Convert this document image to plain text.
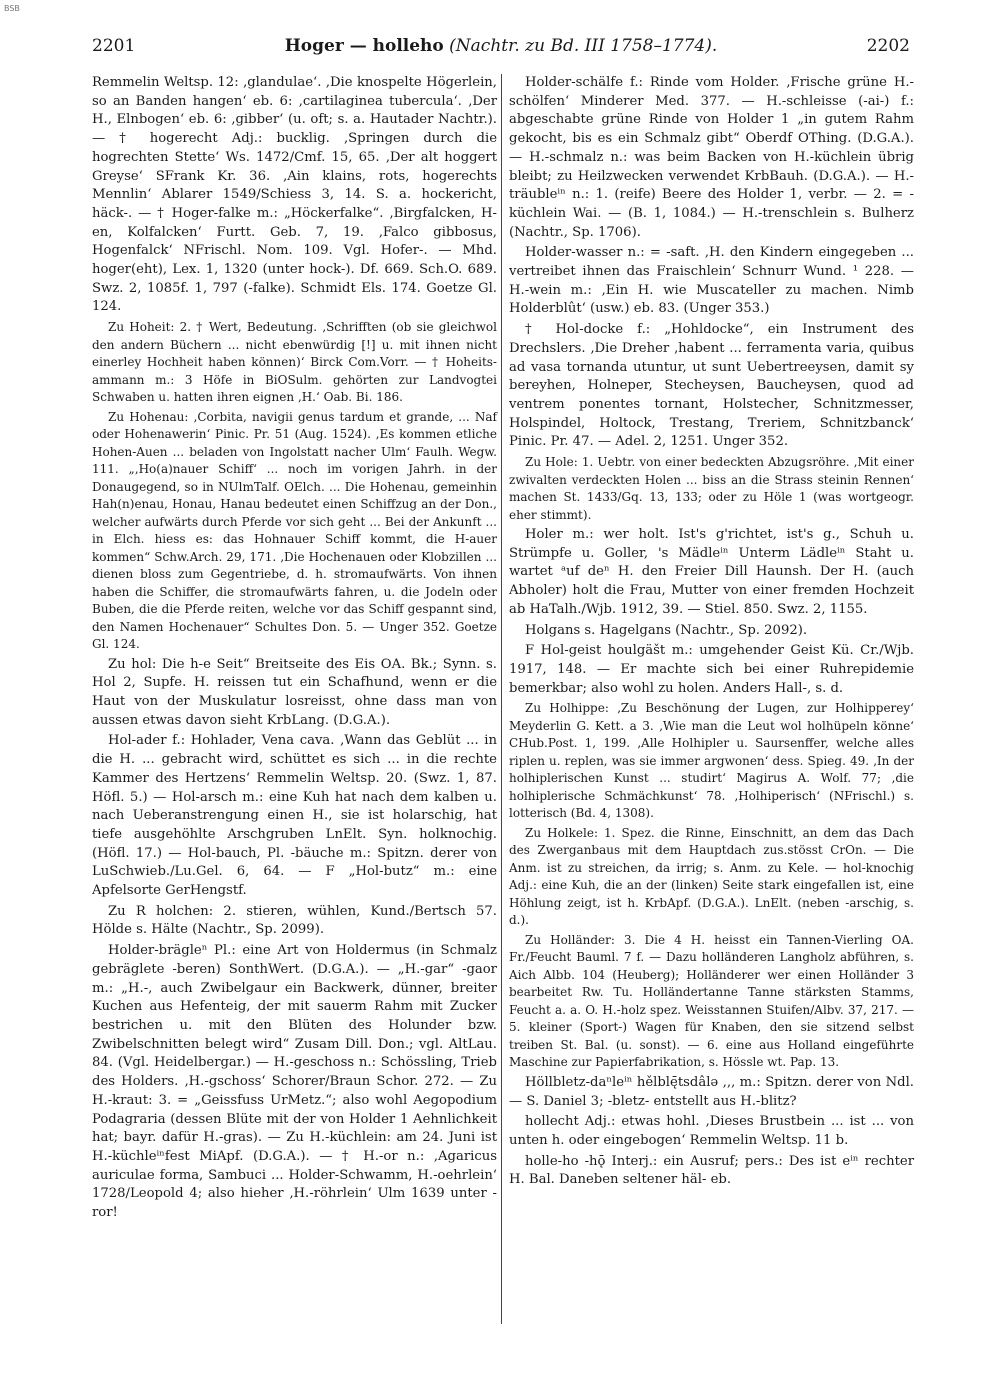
BSB
2201	Hoger — holleho (Nachtr. zu Bd. III 1758–1774).	2202

Remmelin Weltsp. 12: ‚glandulae‘. ‚Die knospelte Högerlein, so an Banden hangen‘ eb. 6: ‚cartilaginea tubercula‘. ‚Der H., Elnbogen‘ eb. 6: ‚gibber‘ (u. oft; s. a. Hautader Nachtr.). — † hogerecht Adj.: bucklig. ‚Springen durch die hogrechten Stette‘ Ws. 1472/Cmf. 15, 65. ‚Der alt hoggert Greyse‘ SFrank Kr. 36. ‚Ain klains, rots, hogerechts Mennlin‘ Ablarer 1549/Schiess 3, 14. S. a. hockericht, häck-. — † Hoger-falke m.: „Höckerfalke“. ‚Birgfalcken, H-en, Kolfalcken‘ Furtt. Geb. 7, 19. ‚Falco gibbosus, Hogenfalck‘ NFrischl. Nom. 109. Vgl. Hofer-. — Mhd. hoger(eht), Lex. 1, 1320 (unter hock-). Df. 669. Sch.O. 689. Swz. 2, 1085f. 1, 797 (-falke). Schmidt Els. 174. Goetze Gl. 124.

Zu Hoheit: 2. † Wert, Bedeutung. ‚Schrifften (ob sie gleichwol den andern Büchern ... nicht ebenwürdig [!] u. mit ihnen nicht einerley Hochheit haben können)‘ Birck Com.Vorr. — † Hoheits-ammann m.: 3 Höfe in BiOSulm. gehörten zur Landvogtei Schwaben u. hatten ihren eignen ‚H.‘ Oab. Bi. 186.

Zu Hohenau: ‚Corbita, navigii genus tardum et grande, ... Naf oder Hohenawerin‘ Pinic. Pr. 51 (Aug. 1524). ‚Es kommen etliche Hohen-Auen ... beladen von Ingolstatt nacher Ulm‘ Faulh. Wegw. 111. „‚Ho(a)nauer Schiff‘ ... noch im vorigen Jahrh. in der Donaugegend, so in NUlmTalf. OElch. ... Die Hohenau, gemeinhin Hah(n)enau, Honau, Hanau bedeutet einen Schiffzug an der Don., welcher aufwärts durch Pferde vor sich geht ... Bei der Ankunft ... in Elch. hiess es: das Hohnauer Schiff kommt, die H-auer kommen“ Schw.Arch. 29, 171. ‚Die Hochenauen oder Klobzillen ... dienen bloss zum Gegentriebe, d. h. stromaufwärts. Von ihnen haben die Schiffer, die stromaufwärts fahren, u. die Jodeln oder Buben, die die Pferde reiten, welche vor das Schiff gespannt sind, den Namen Hochenauer“ Schultes Don. 5. — Unger 352. Goetze Gl. 124.

Zu hol: Die h-e Seit“ Breitseite des Eis OA. Bk.; Synn. s. Hol 2, Supfe. H. reissen tut ein Schafhund, wenn er die Haut von der Muskulatur losreisst, ohne dass man von aussen etwas davon sieht KrbLang. (D.G.A.).

Hol-ader f.: Hohlader, Vena cava. ‚Wann das Geblüt ... in die H. ... gebracht wird, schüttet es sich ... in die rechte Kammer des Hertzens‘ Remmelin Weltsp. 20. (Swz. 1, 87. Höfl. 5.) — Hol-arsch m.: eine Kuh hat nach dem kalben u. nach Ueberanstrengung einen H., sie ist holarschig, hat tiefe ausgehöhlte Arschgruben LnElt. Syn. holknochig. (Höfl. 17.) — Hol-bauch, Pl. -bäuche m.: Spitzn. derer von LuSchwieb./Lu.Gel. 6, 64. — F „Hol-butz“ m.: eine Apfelsorte GerHengstf.

Zu R holchen: 2. stieren, wühlen, Kund./Bertsch 57. Hölde s. Hälte (Nachtr., Sp. 2099).

Holder-brägleⁿ Pl.: eine Art von Holdermus (in Schmalz gebräglete -beren) SonthWert. (D.G.A.). — „H.-gar“ -gaor m.: „H.-, auch Zwibelgaur ein Backwerk, dünner, breiter Kuchen aus Hefenteig, der mit sauerm Rahm mit Zucker bestrichen u. mit den Blüten des Holunder bzw. Zwibelschnitten belegt wird“ Zusam Dill. Don.; vgl. AltLau. 84. (Vgl. Heidelbergar.) — H.-geschoss n.: Schössling, Trieb des Holders. ‚H.-gschoss‘ Schorer/Braun Schor. 272. — Zu H.-kraut: 3. = „Geissfuss UrMetz.“; also wohl Aegopodium Podagraria (dessen Blüte mit der von Holder 1 Aehnlichkeit hat; bayr. dafür H.-gras). — Zu H.-küchlein: am 24. Juni ist H.-küchleⁱⁿfest MiApf. (D.G.A.). — † H.-or n.: ‚Agaricus auriculae forma, Sambuci ... Holder-Schwamm, H.-oehrlein‘ 1728/Leopold 4; also hieher ‚H.-röhrlein‘ Ulm 1639 unter -ror!

Holder-schälfe f.: Rinde vom Holder. ‚Frische grüne H.-schölfen‘ Minderer Med. 377. — H.-schleisse (-ai-) f.: abgeschabte grüne Rinde von Holder 1 „in gutem Rahm gekocht, bis es ein Schmalz gibt“ Oberdf OThing. (D.G.A.). — H.-schmalz n.: was beim Backen von H.-küchlein übrig bleibt; zu Heilzwecken verwendet KrbBauh. (D.G.A.). — H.-träubleⁱⁿ n.: 1. (reife) Beere des Holder 1, verbr. — 2. = -küchlein Wai. — (B. 1, 1084.) — H.-trenschlein s. Bulherz (Nachtr., Sp. 1706).

Holder-wasser n.: = -saft. ‚H. den Kindern eingegeben ... vertreibet ihnen das Fraischlein‘ Schnurr Wund. ¹ 228. — H.-wein m.: ‚Ein H. wie Muscateller zu machen. Nimb Holderblût‘ (usw.) eb. 83. (Unger 353.)

† Hol-docke f.: „Hohldocke“, ein Instrument des Drechslers. ‚Die Dreher ‚habent ... ferramenta varia, quibus ad vasa tornanda utuntur, ut sunt Uebertreeysen, damit sy bereyhen, Holneper, Stecheysen, Baucheysen, quod ad ventrem ponentes tornant, Holstecher, Schnitzmesser, Holspindel, Holtock, Trestang, Treriem, Schnitzbanck‘ Pinic. Pr. 47. — Adel. 2, 1251. Unger 352.

Zu Hole: 1. Uebtr. von einer bedeckten Abzugsröhre. ‚Mit einer zwivalten verdeckten Holen ... biss an die Strass steinin Rennen‘ machen St. 1433/Gq. 13, 133; oder zu Höle 1 (was wortgeogr. eher stimmt).

Holer m.: wer holt. Ist's g'richtet, ist's g., Schuh u. Strümpfe u. Goller, 's Mädleⁱⁿ Unterm Lädleⁱⁿ Staht u. wartet ᵃuf deⁿ H. den Freier Dill Haunsh. Der H. (auch Abholer) holt die Frau, Mutter von einer fremden Hochzeit ab HaTalh./Wjb. 1912, 39. — Stiel. 850. Swz. 2, 1155.

Holgans s. Hagelgans (Nachtr., Sp. 2092).

F Hol-geist houlgäšt m.: umgehender Geist Kü. Cr./Wjb. 1917, 148. — Er machte sich bei einer Ruhrepidemie bemerkbar; also wohl zu holen. Anders Hall-, s. d.

Zu Holhippe: ‚Zu Beschönung der Lugen, zur Holhipperey‘ Meyderlin G. Kett. a 3. ‚Wie man die Leut wol holhüpeln könne‘ CHub.Post. 1, 199. ‚Alle Holhipler u. Saursenffer, welche alles riplen u. replen, was sie immer argwonen‘ dess. Spieg. 49. ‚In der holhiplerischen Kunst ... studirt‘ Magirus A. Wolf. 77; ‚die holhiplerische Schmächkunst‘ 78. ‚Holhiperisch‘ (NFrischl.) s. lotterisch (Bd. 4, 1308).

Zu Holkele: 1. Spez. die Rinne, Einschnitt, an dem das Dach des Zwerganbaus mit dem Hauptdach zus.stösst CrOn. — Die Anm. ist zu streichen, da irrig; s. Anm. zu Kele. — hol-knochig Adj.: eine Kuh, die an der (linken) Seite stark eingefallen ist, eine Höhlung zeigt, ist h. KrbApf. (D.G.A.). LnElt. (neben -arschig, s. d.).

Zu Holländer: 3. Die 4 H. heisst ein Tannen-Vierling OA. Fr./Feucht Bauml. 7 f. — Dazu holländeren Langholz abführen, s. Aich Albb. 104 (Heuberg); Holländerer wer einen Holländer 3 bearbeitet Rw. Tu. Holländertanne Tanne stärksten Stamms, Feucht a. a. O. H.-holz spez. Weisstannen Stuifen/Albv. 37, 217. — 5. kleiner (Sport-) Wagen für Knaben, den sie sitzend selbst treiben St. Bal. (u. sonst). — 6. eine aus Holland eingeführte Maschine zur Papierfabrikation, s. Hössle wt. Pap. 13.

Höllbletz-daⁿleⁱⁿ hělblę̄tsdâlə ‚‚‚ m.: Spitzn. derer von Ndl. — S. Daniel 3; -bletz- entstellt aus H.-blitz?

hollecht Adj.: etwas hohl. ‚Dieses Brustbein ... ist ... von unten h. oder eingebogen‘ Remmelin Weltsp. 11 b.

holle-ho -hǭ Interj.: ein Ausruf; pers.: Des ist eⁱⁿ rechter H. Bal. Daneben seltener häl- eb.
